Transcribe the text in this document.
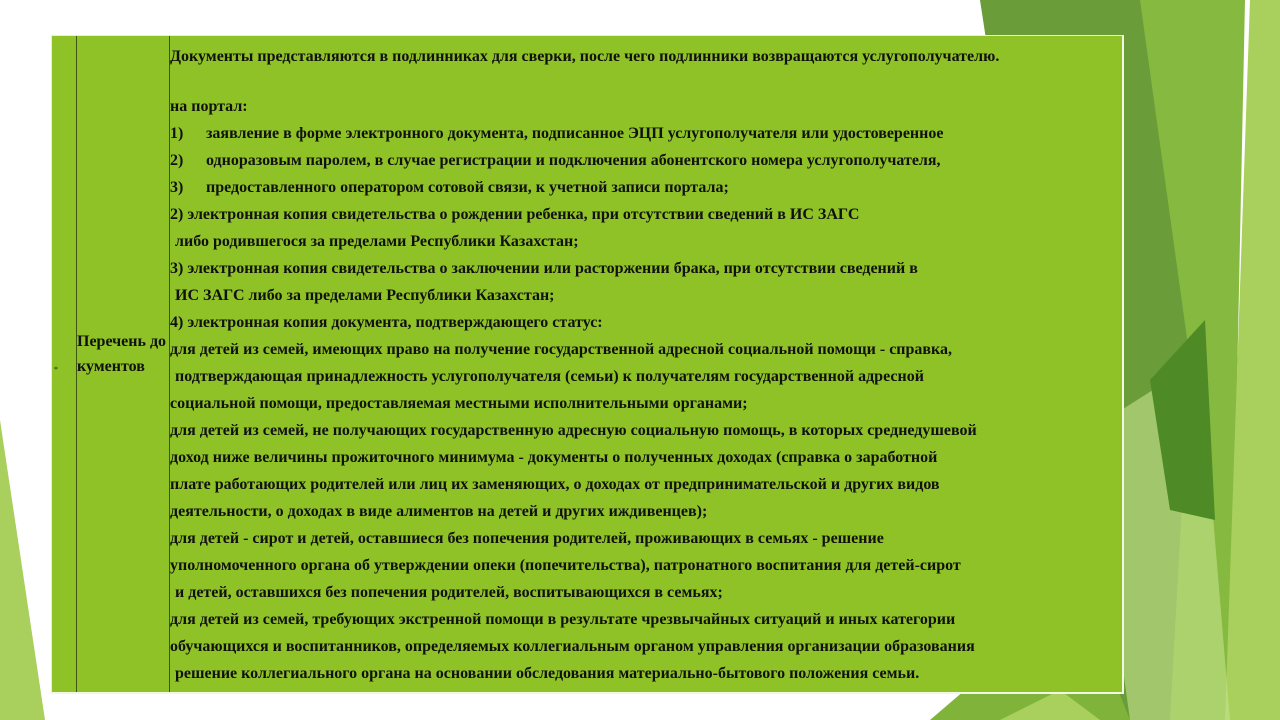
*
Перечень документов
Документы представляются в подлинниках для сверки, после чего подлинники возвращаются услугополучателю.
на портал:
1) заявление в форме электронного документа, подписанное ЭЦП услугополучателя или удостоверенное
2) одноразовым паролем, в случае регистрации и подключения абонентского номера услугополучателя,
3) предоставленного оператором сотовой связи, к учетной записи портала;
2) электронная копия свидетельства о рождении ребенка, при отсутствии сведений в ИС ЗАГС
либо родившегося за пределами Республики Казахстан;
3) электронная копия свидетельства о заключении или расторжении брака, при отсутствии сведений в
ИС ЗАГС либо за пределами Республики Казахстан;
4) электронная копия документа, подтверждающего статус:
для детей из семей, имеющих право на получение государственной адресной социальной помощи - справка,
подтверждающая принадлежность услугополучателя (семьи) к получателям государственной адресной
социальной помощи, предоставляемая местными исполнительными органами;
для детей из семей, не получающих государственную адресную социальную помощь, в которых среднедушевой
доход ниже величины прожиточного минимума - документы о полученных доходах (справка о заработной
плате работающих родителей или лиц их заменяющих, о доходах от предпринимательской и других видов
деятельности, о доходах в виде алиментов на детей и других иждивенцев);
для детей - сирот и детей, оставшиеся без попечения родителей, проживающих в семьях - решение
уполномоченного органа об утверждении опеки (попечительства), патронатного воспитания для детей-сирот
и детей, оставшихся без попечения родителей, воспитывающихся в семьях;
для детей из семей, требующих экстренной помощи в результате чрезвычайных ситуаций и иных категории
обучающихся и воспитанников, определяемых коллегиальным органом управления организации образования
решение коллегиального органа на основании обследования материально-бытового положения семьи.
